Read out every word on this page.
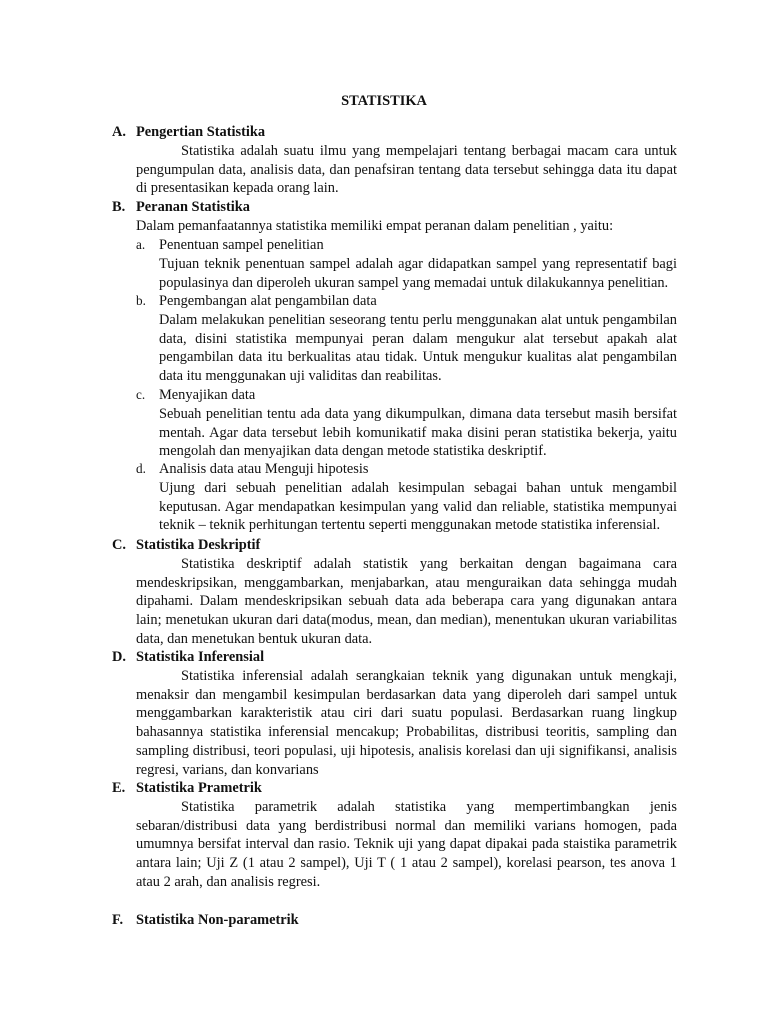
STATISTIKA
A. Pengertian Statistika

Statistika adalah suatu ilmu yang mempelajari tentang berbagai macam cara untuk pengumpulan data, analisis data, dan penafsiran tentang data tersebut sehingga data itu dapat di presentasikan kepada orang lain.

B. Peranan Statistika
Dalam pemanfaatannya statistika memiliki empat peranan dalam penelitian , yaitu:
a. Penentuan sampel penelitian

Tujuan teknik penentuan sampel adalah agar didapatkan sampel yang representatif bagi populasinya dan diperoleh ukuran sampel yang memadai untuk dilakukannya penelitian.

b. Pengembangan alat pengambilan data

Dalam melakukan penelitian seseorang tentu perlu menggunakan alat untuk pengambilan data, disini statistika mempunyai peran dalam mengukur alat tersebut apakah alat pengambilan data itu berkualitas atau tidak. Untuk mengukur kualitas alat pengambilan data itu menggunakan uji validitas dan reabilitas.

c. Menyajikan data

Sebuah penelitian tentu ada data yang dikumpulkan, dimana data tersebut masih bersifat mentah. Agar data tersebut lebih komunikatif maka disini peran statistika bekerja, yaitu mengolah dan menyajikan data dengan metode statistika deskriptif.

d. Analisis data atau Menguji hipotesis

Ujung dari sebuah penelitian adalah kesimpulan sebagai bahan untuk mengambil keputusan. Agar mendapatkan kesimpulan yang valid dan reliable, statistika mempunyai teknik – teknik perhitungan tertentu seperti menggunakan metode statistika inferensial.

C. Statistika Deskriptif

Statistika deskriptif adalah statistik yang berkaitan dengan bagaimana cara mendeskripsikan, menggambarkan, menjabarkan, atau menguraikan data sehingga mudah dipahami. Dalam mendeskripsikan sebuah data ada beberapa cara yang digunakan antara lain; menetukan ukuran dari data(modus, mean, dan median), menentukan ukuran variabilitas data, dan menetukan bentuk ukuran data.

D. Statistika Inferensial

Statistika inferensial adalah serangkaian teknik yang digunakan untuk mengkaji, menaksir dan mengambil kesimpulan berdasarkan data yang diperoleh dari sampel untuk menggambarkan karakteristik atau ciri dari suatu populasi. Berdasarkan ruang lingkup bahasannya statistika inferensial mencakup; Probabilitas, distribusi teoritis, sampling dan sampling distribusi, teori populasi, uji hipotesis, analisis korelasi dan uji signifikansi, analisis regresi, varians, dan konvarians

E. Statistika Prametrik

Statistika parametrik adalah statistika yang mempertimbangkan jenis sebaran/distribusi data yang berdistribusi normal dan memiliki varians homogen, pada umumnya bersifat interval dan rasio. Teknik uji yang dapat dipakai pada staistika parametrik antara lain; Uji Z (1 atau 2 sampel), Uji T ( 1 atau 2 sampel), korelasi pearson, tes anova 1 atau 2 arah, dan analisis regresi.

F. Statistika Non-parametrik
